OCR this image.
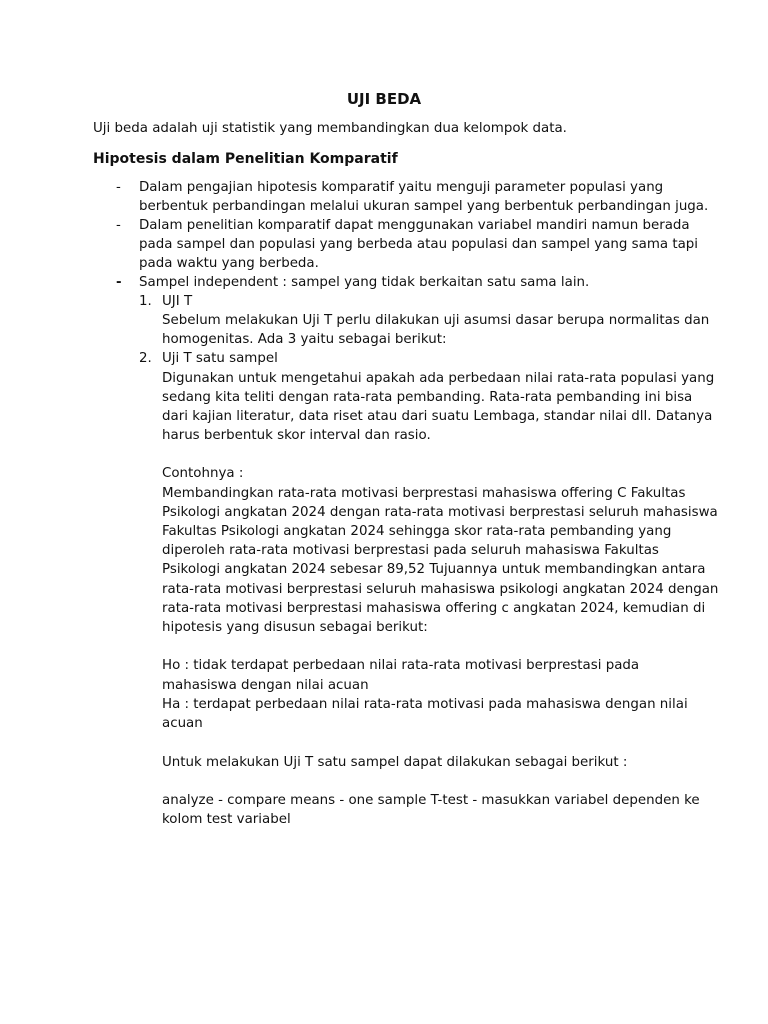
UJI BEDA
Uji beda adalah uji statistik yang membandingkan dua kelompok data.
Hipotesis dalam Penelitian Komparatif
- Dalam pengajian hipotesis komparatif yaitu menguji parameter populasi yang
berbentuk perbandingan melalui ukuran sampel yang berbentuk perbandingan juga.
- Dalam penelitian komparatif dapat menggunakan variabel mandiri namun berada
pada sampel dan populasi yang berbeda atau populasi dan sampel yang sama tapi
pada waktu yang berbeda.
- Sampel independent : sampel yang tidak berkaitan satu sama lain.
1. UJI T
Sebelum melakukan Uji T perlu dilakukan uji asumsi dasar berupa normalitas dan
homogenitas. Ada 3 yaitu sebagai berikut:
2. Uji T satu sampel
Digunakan untuk mengetahui apakah ada perbedaan nilai rata-rata populasi yang
sedang kita teliti dengan rata-rata pembanding. Rata-rata pembanding ini bisa
dari kajian literatur, data riset atau dari suatu Lembaga, standar nilai dll. Datanya
harus berbentuk skor interval dan rasio.
Contohnya :
Membandingkan rata-rata motivasi berprestasi mahasiswa offering C Fakultas
Psikologi angkatan 2024 dengan rata-rata motivasi berprestasi seluruh mahasiswa
Fakultas Psikologi angkatan 2024 sehingga skor rata-rata pembanding yang
diperoleh rata-rata motivasi berprestasi pada seluruh mahasiswa Fakultas
Psikologi angkatan 2024 sebesar 89,52 Tujuannya untuk membandingkan antara
rata-rata motivasi berprestasi seluruh mahasiswa psikologi angkatan 2024 dengan
rata-rata motivasi berprestasi mahasiswa offering c angkatan 2024, kemudian di
hipotesis yang disusun sebagai berikut:
Ho : tidak terdapat perbedaan nilai rata-rata motivasi berprestasi pada
mahasiswa dengan nilai acuan
Ha : terdapat perbedaan nilai rata-rata motivasi pada mahasiswa dengan nilai
acuan
Untuk melakukan Uji T satu sampel dapat dilakukan sebagai berikut :
analyze - compare means - one sample T-test - masukkan variabel dependen ke
kolom test variabel
